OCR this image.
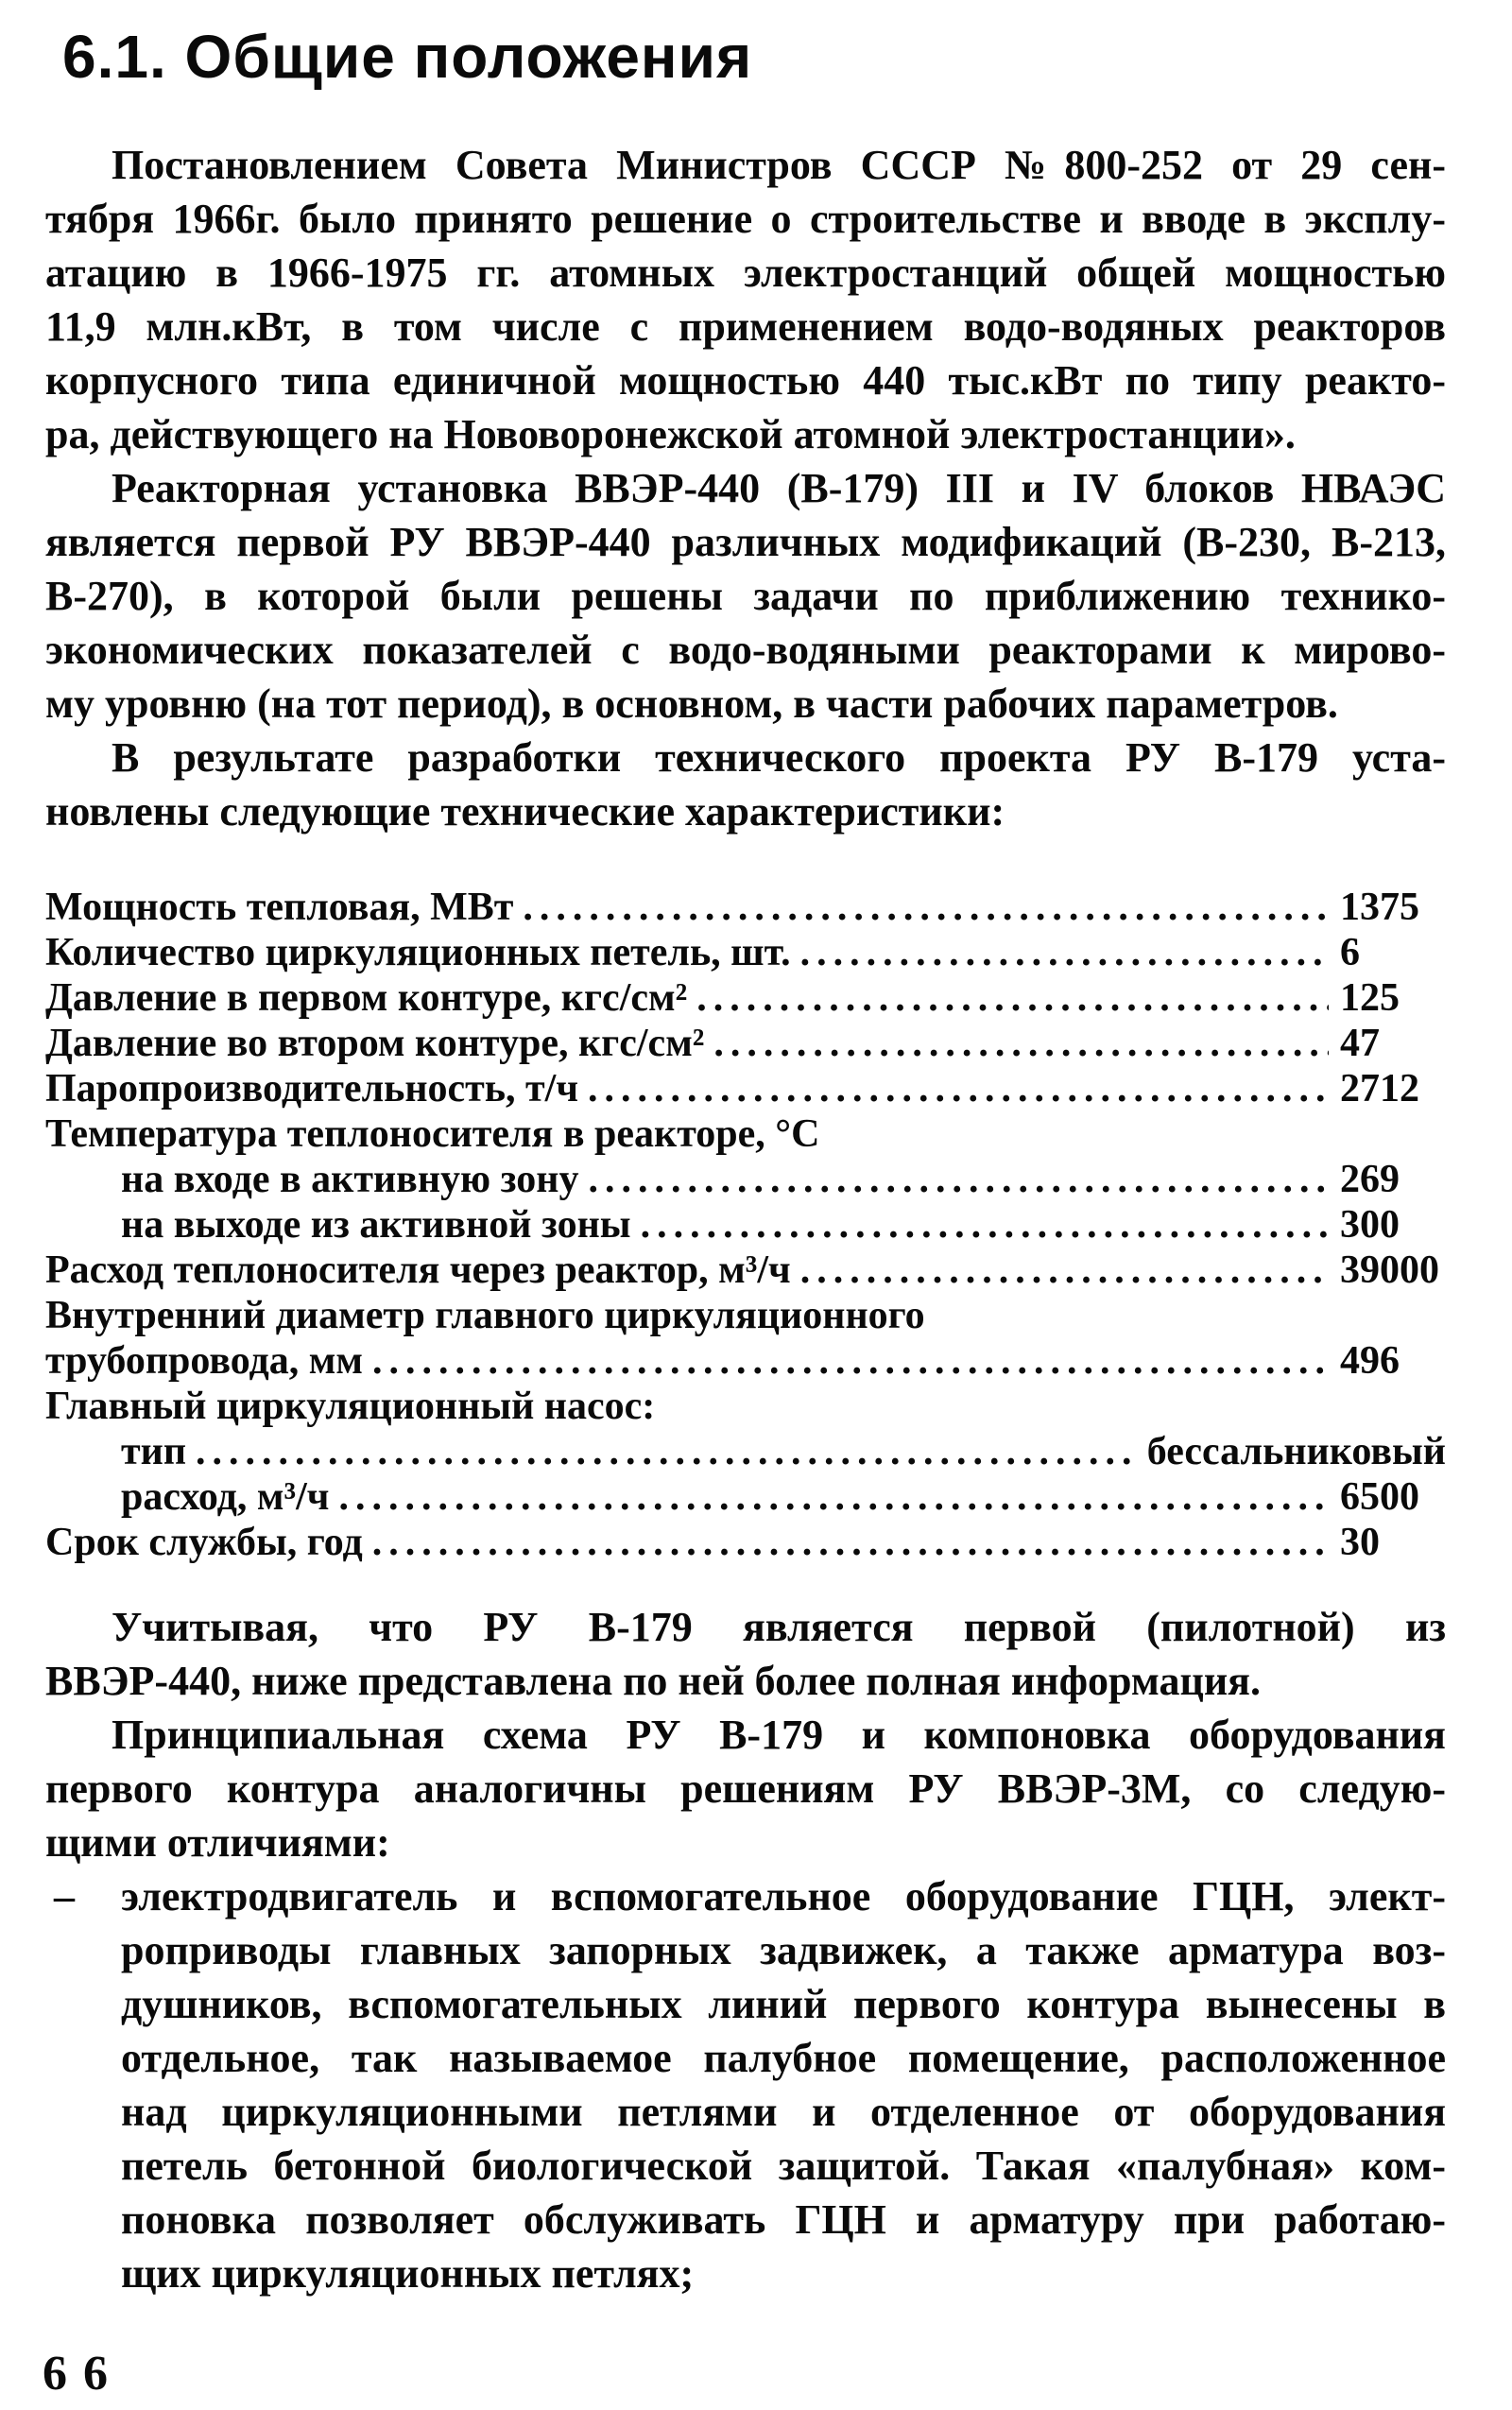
6.1. Общие положения
Постановлением Совета Министров СССР №800-252 от 29 сен-
тября 1966г. было принято решение о строительстве и вводе в эксплу-
атацию в 1966-1975 гг. атомных электростанций общей мощностью
11,9 млн.кВт, в том числе с применением водо-водяных реакторов
корпусного типа единичной мощностью 440 тыс.кВт по типу реакто-
ра, действующего на Нововоронежской атомной электростанции».
Реакторная установка ВВЭР-440 (В-179) III и IV блоков НВАЭС
является первой РУ ВВЭР-440 различных модификаций (В-230, В-213,
В-270), в которой были решены задачи по приближению технико-
экономических показателей с водо-водяными реакторами к мирово-
му уровню (на тот период), в основном, в части рабочих параметров.
В результате разработки технического проекта РУ В-179 уста-
новлены следующие технические характеристики:
Мощность тепловая, МВт .....	1375
Количество циркуляционных петель, шт. .....	6
Давление в первом контуре, кгс/см² .....	125
Давление во втором контуре, кгс/см² .....	47
Паропроизводительность, т/ч .....	2712
Температура теплоносителя в реакторе, °С
на входе в активную зону .....	269
на выходе из активной зоны .....	300
Расход теплоносителя через реактор, м³/ч .....	39000
Внутренний диаметр главного циркуляционного
трубопровода, мм .....	496
Главный циркуляционный насос:
тип .....	бессальниковый
расход, м³/ч .....	6500
Срок службы, год .....	30
Учитывая, что РУ В-179 является первой (пилотной) из
ВВЭР-440, ниже представлена по ней более полная информация.
Принципиальная схема РУ В-179 и компоновка оборудования
первого контура аналогичны решениям РУ ВВЭР-3М, со следую-
щими отличиями:
– электродвигатель и вспомогательное оборудование ГЦН, элект-
роприводы главных запорных задвижек, а также арматура воз-
душников, вспомогательных линий первого контура вынесены в
отдельное, так называемое палубное помещение, расположенное
над циркуляционными петлями и отделенное от оборудования
петель бетонной биологической защитой. Такая «палубная» ком-
поновка позволяет обслуживать ГЦН и арматуру при работаю-
щих циркуляционных петлях;
66
